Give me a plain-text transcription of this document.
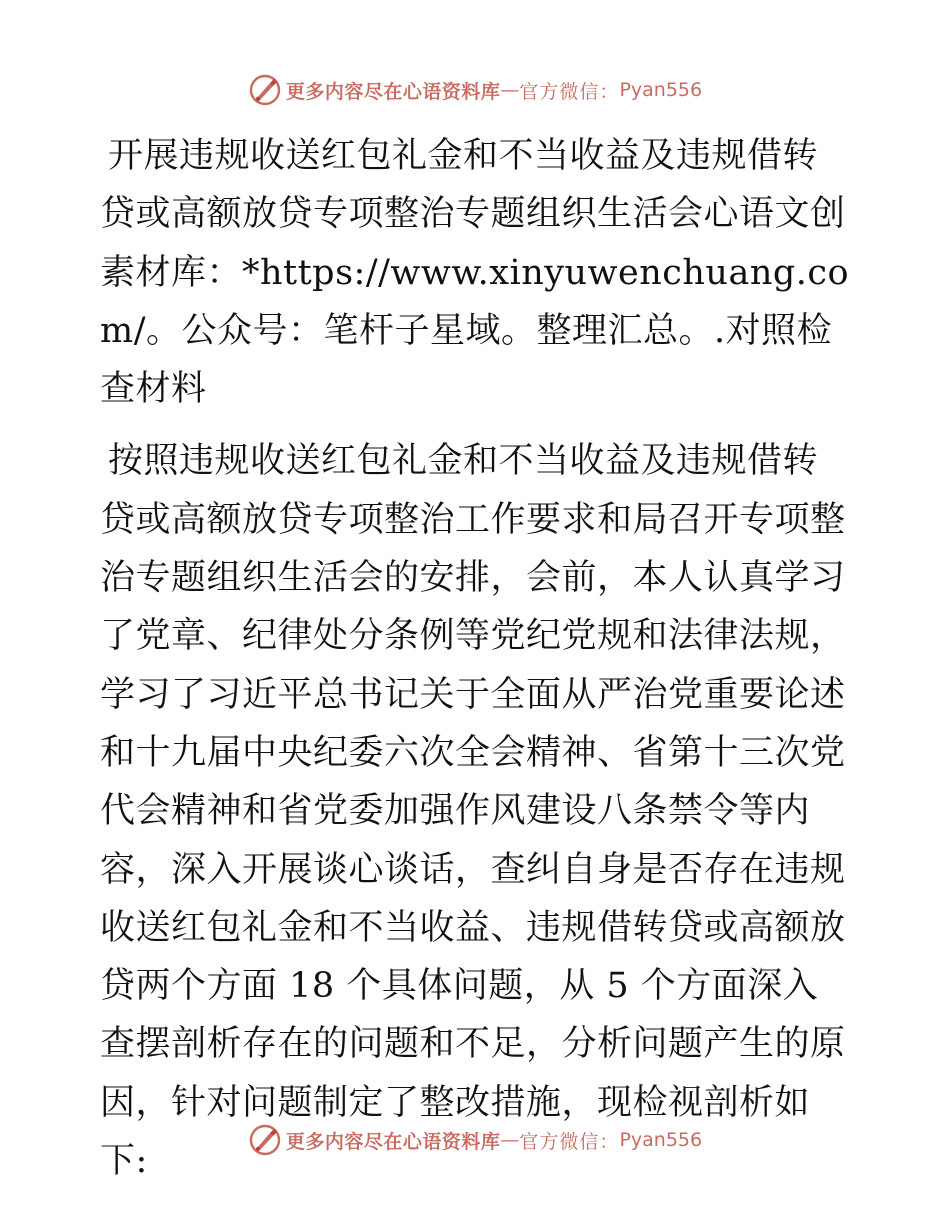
更多内容尽在心语资料库 — 官方微信： Pyan556

开展违规收送红包礼金和不当收益及违规借转贷或高额放贷专项整治专题组织生活会心语文创素材库：*https://www.xinyuwenchuang.com/。公众号：笔杆子星域。整理汇总。.对照检查材料

按照违规收送红包礼金和不当收益及违规借转贷或高额放贷专项整治工作要求和局召开专项整治专题组织生活会的安排，会前，本人认真学习了党章、纪律处分条例等党纪党规和法律法规，学习了习近平总书记关于全面从严治党重要论述和十九届中央纪委六次全会精神、省第十三次党代会精神和省党委加强作风建设八条禁令等内容，深入开展谈心谈话，查纠自身是否存在违规收送红包礼金和不当收益、违规借转贷或高额放贷两个方面 18 个具体问题，从 5 个方面深入查摆剖析存在的问题和不足，分析问题产生的原因，针对问题制定了整改措施，现检视剖析如下:	更多内容尽在心语资料库 — 官方微信： Pyan556
